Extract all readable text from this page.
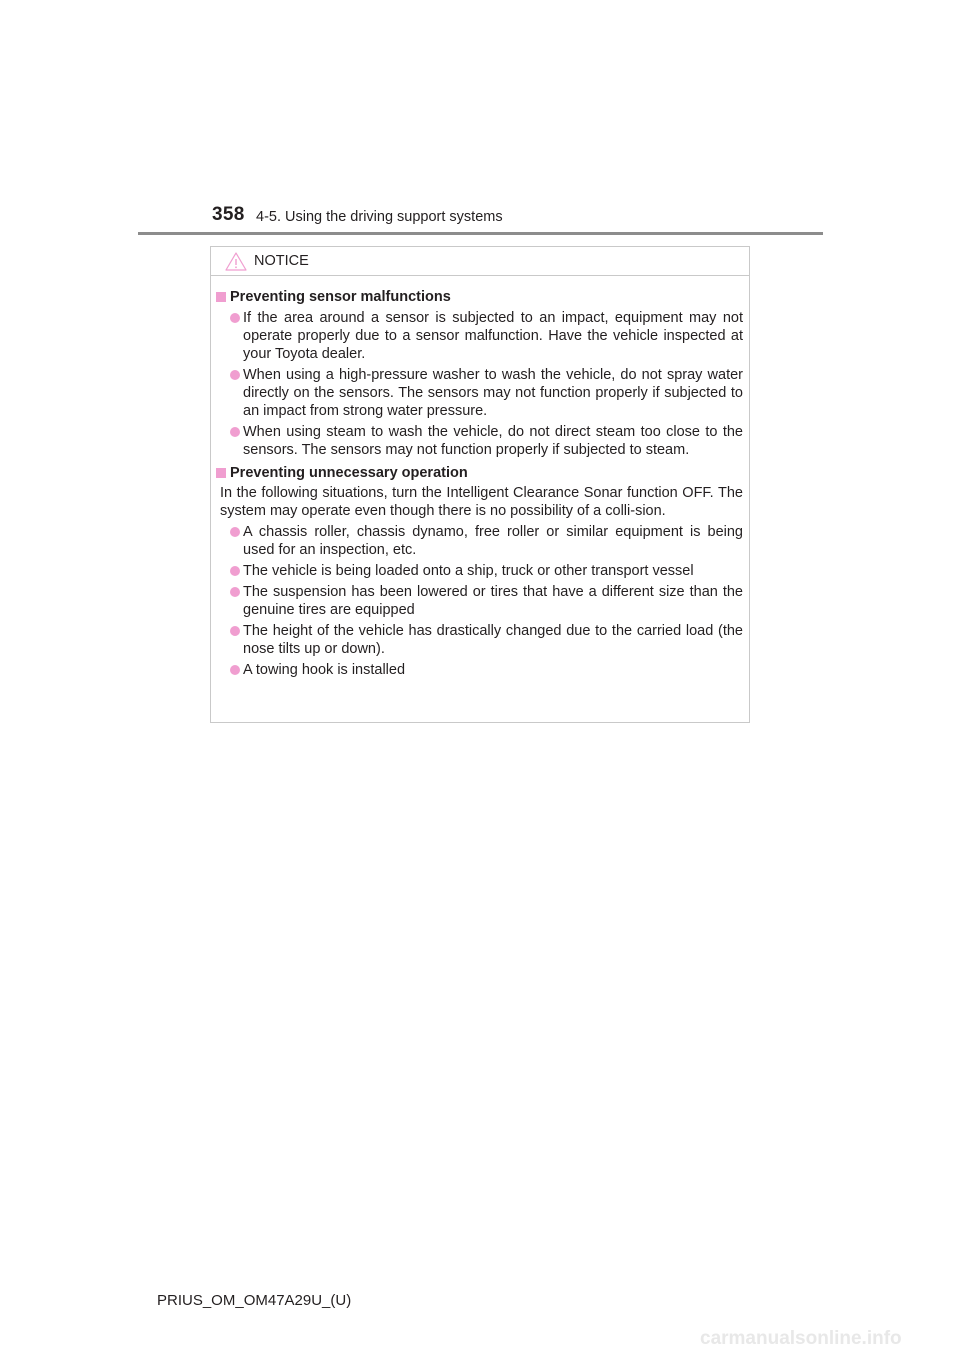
358 4-5. Using the driving support systems
NOTICE
Preventing sensor malfunctions
If the area around a sensor is subjected to an impact, equipment may not operate properly due to a sensor malfunction. Have the vehicle inspected at your Toyota dealer.
When using a high-pressure washer to wash the vehicle, do not spray water directly on the sensors. The sensors may not function properly if subjected to an impact from strong water pressure.
When using steam to wash the vehicle, do not direct steam too close to the sensors. The sensors may not function properly if subjected to steam.
Preventing unnecessary operation
In the following situations, turn the Intelligent Clearance Sonar function OFF. The system may operate even though there is no possibility of a colli-sion.
A chassis roller, chassis dynamo, free roller or similar equipment is being used for an inspection, etc.
The vehicle is being loaded onto a ship, truck or other transport vessel
The suspension has been lowered or tires that have a different size than the genuine tires are equipped
The height of the vehicle has drastically changed due to the carried load (the nose tilts up or down).
A towing hook is installed
PRIUS_OM_OM47A29U_(U)
carmanualsonline.info
